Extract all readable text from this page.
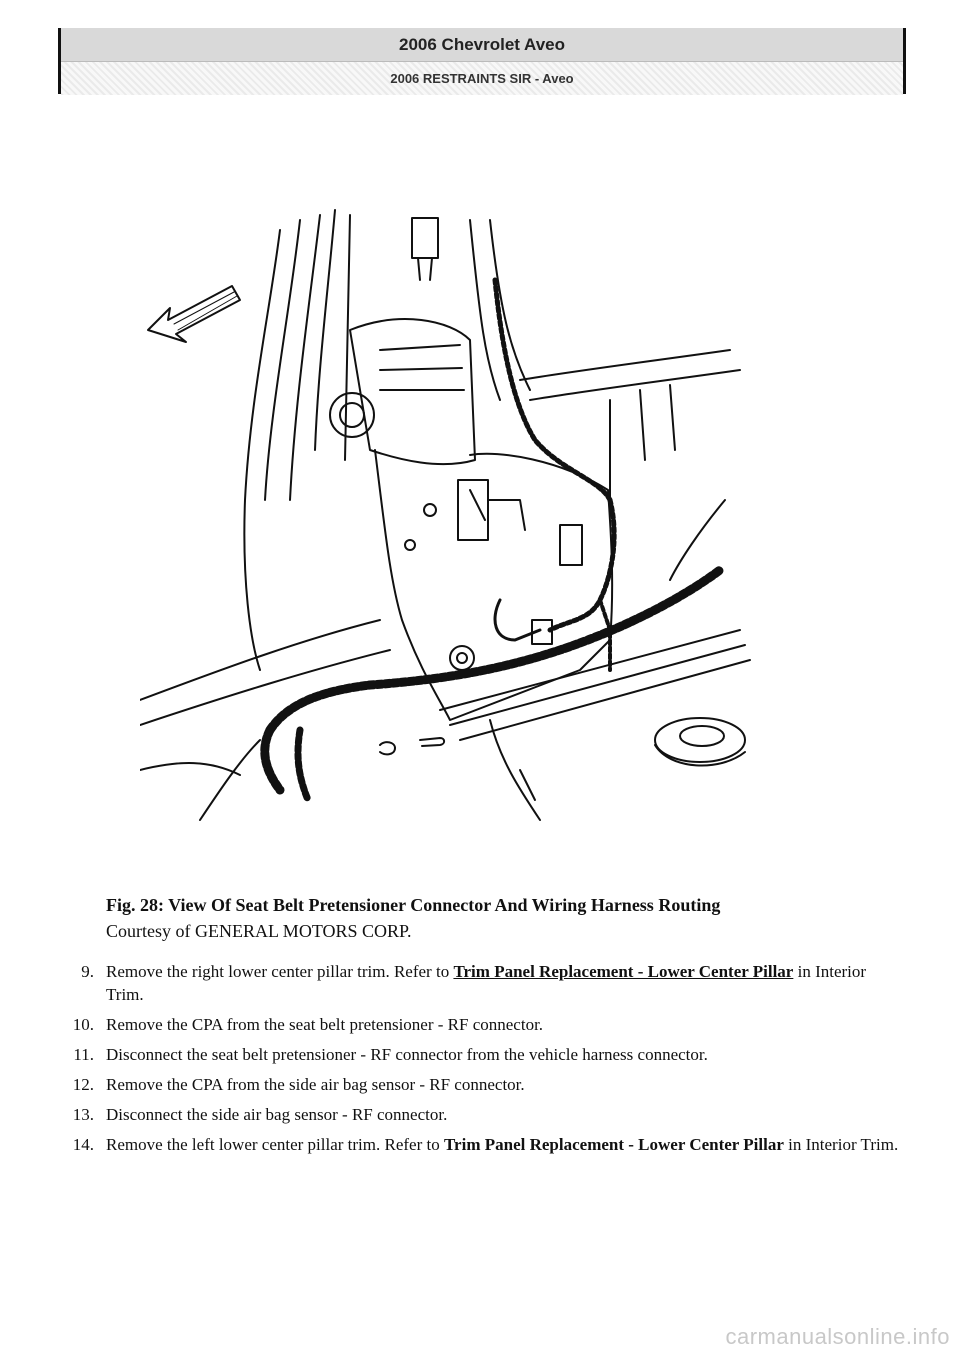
2006 Chevrolet Aveo
2006 RESTRAINTS SIR - Aveo
Fig. 28: View Of Seat Belt Pretensioner Connector And Wiring Harness Routing
Courtesy of GENERAL MOTORS CORP.
9. Remove the right lower center pillar trim. Refer to Trim Panel Replacement - Lower Center Pillar in Interior Trim.
10. Remove the CPA from the seat belt pretensioner - RF connector.
11. Disconnect the seat belt pretensioner - RF connector from the vehicle harness connector.
12. Remove the CPA from the side air bag sensor - RF connector.
13. Disconnect the side air bag sensor - RF connector.
14. Remove the left lower center pillar trim. Refer to Trim Panel Replacement - Lower Center Pillar in Interior Trim.
carmanualsonline.info
